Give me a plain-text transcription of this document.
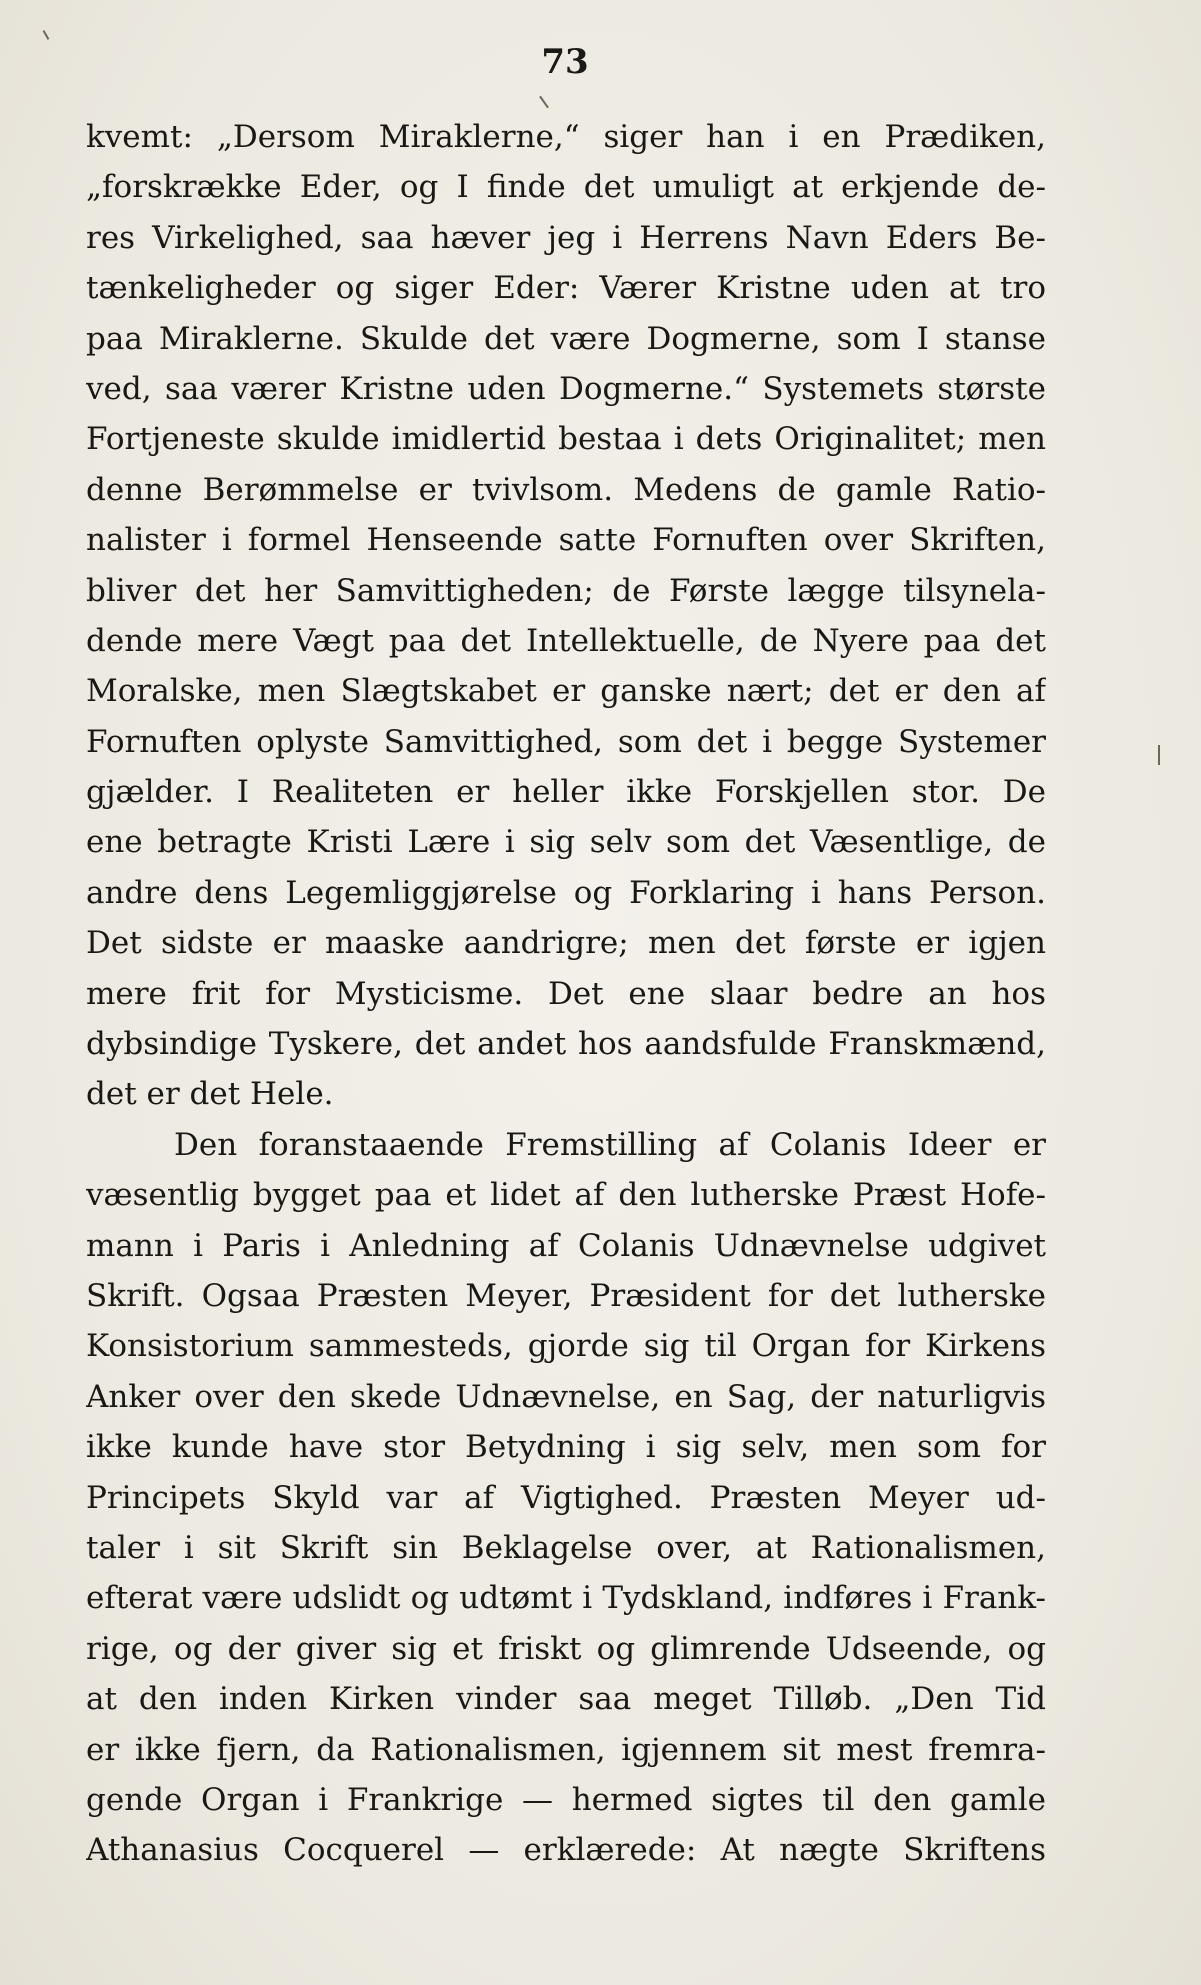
73
kvemt: „Dersom Miraklerne,“ siger han i en Prædiken,
„forskrække Eder, og I finde det umuligt at erkjende de-
res Virkelighed, saa hæver jeg i Herrens Navn Eders Be-
tænkeligheder og siger Eder: Værer Kristne uden at tro
paa Miraklerne. Skulde det være Dogmerne, som I stanse
ved, saa værer Kristne uden Dogmerne.“ Systemets største
Fortjeneste skulde imidlertid bestaa i dets Originalitet; men
denne Berømmelse er tvivlsom. Medens de gamle Ratio-
nalister i formel Henseende satte Fornuften over Skriften,
bliver det her Samvittigheden; de Første lægge tilsynela-
dende mere Vægt paa det Intellektuelle, de Nyere paa det
Moralske, men Slægtskabet er ganske nært; det er den af
Fornuften oplyste Samvittighed, som det i begge Systemer
gjælder. I Realiteten er heller ikke Forskjellen stor. De
ene betragte Kristi Lære i sig selv som det Væsentlige, de
andre dens Legemliggjørelse og Forklaring i hans Person.
Det sidste er maaske aandrigre; men det første er igjen
mere frit for Mysticisme. Det ene slaar bedre an hos
dybsindige Tyskere, det andet hos aandsfulde Franskmænd,
det er det Hele.
Den foranstaaende Fremstilling af Colanis Ideer er
væsentlig bygget paa et lidet af den lutherske Præst Hofe-
mann i Paris i Anledning af Colanis Udnævnelse udgivet
Skrift. Ogsaa Præsten Meyer, Præsident for det lutherske
Konsistorium sammesteds, gjorde sig til Organ for Kirkens
Anker over den skede Udnævnelse, en Sag, der naturligvis
ikke kunde have stor Betydning i sig selv, men som for
Principets Skyld var af Vigtighed. Præsten Meyer ud-
taler i sit Skrift sin Beklagelse over, at Rationalismen,
efterat være udslidt og udtømt i Tydskland, indføres i Frank-
rige, og der giver sig et friskt og glimrende Udseende, og
at den inden Kirken vinder saa meget Tilløb. „Den Tid
er ikke fjern, da Rationalismen, igjennem sit mest fremra-
gende Organ i Frankrige — hermed sigtes til den gamle
Athanasius Cocquerel — erklærede: At nægte Skriftens
